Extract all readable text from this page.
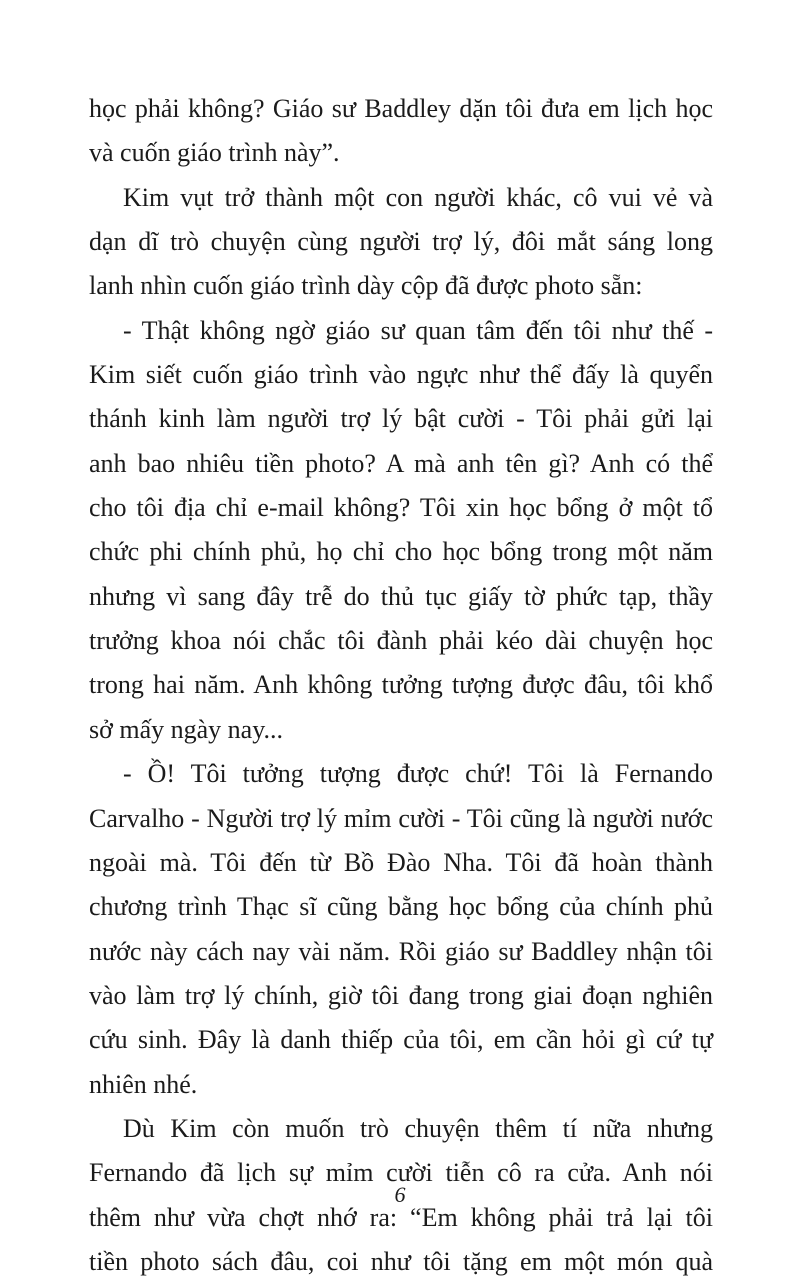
học phải không? Giáo sư Baddley dặn tôi đưa em lịch học
và cuốn giáo trình này”.
Kim vụt trở thành một con người khác, cô vui vẻ và
dạn dĩ trò chuyện cùng người trợ lý, đôi mắt sáng long
lanh nhìn cuốn giáo trình dày cộp đã được photo sẵn:
- Thật không ngờ giáo sư quan tâm đến tôi như thế -
Kim siết cuốn giáo trình vào ngực như thể đấy là quyển
thánh kinh làm người trợ lý bật cười - Tôi phải gửi lại
anh bao nhiêu tiền photo? A mà anh tên gì? Anh có thể
cho tôi địa chỉ e-mail không? Tôi xin học bổng ở một tổ
chức phi chính phủ, họ chỉ cho học bổng trong một năm
nhưng vì sang đây trễ do thủ tục giấy tờ phức tạp, thầy
trưởng khoa nói chắc tôi đành phải kéo dài chuyện học
trong hai năm. Anh không tưởng tượng được đâu, tôi khổ
sở mấy ngày nay...
- Ồ! Tôi tưởng tượng được chứ! Tôi là Fernando
Carvalho - Người trợ lý mỉm cười - Tôi cũng là người nước
ngoài mà. Tôi đến từ Bồ Đào Nha. Tôi đã hoàn thành
chương trình Thạc sĩ cũng bằng học bổng của chính phủ
nước này cách nay vài năm. Rồi giáo sư Baddley nhận tôi
vào làm trợ lý chính, giờ tôi đang trong giai đoạn nghiên
cứu sinh. Đây là danh thiếp của tôi, em cần hỏi gì cứ tự
nhiên nhé.
Dù Kim còn muốn trò chuyện thêm tí nữa nhưng
Fernando đã lịch sự mỉm cười tiễn cô ra cửa. Anh nói
thêm như vừa chợt nhớ ra: “Em không phải trả lại tôi
tiền photo sách đâu, coi như tôi tặng em một món quà
6
